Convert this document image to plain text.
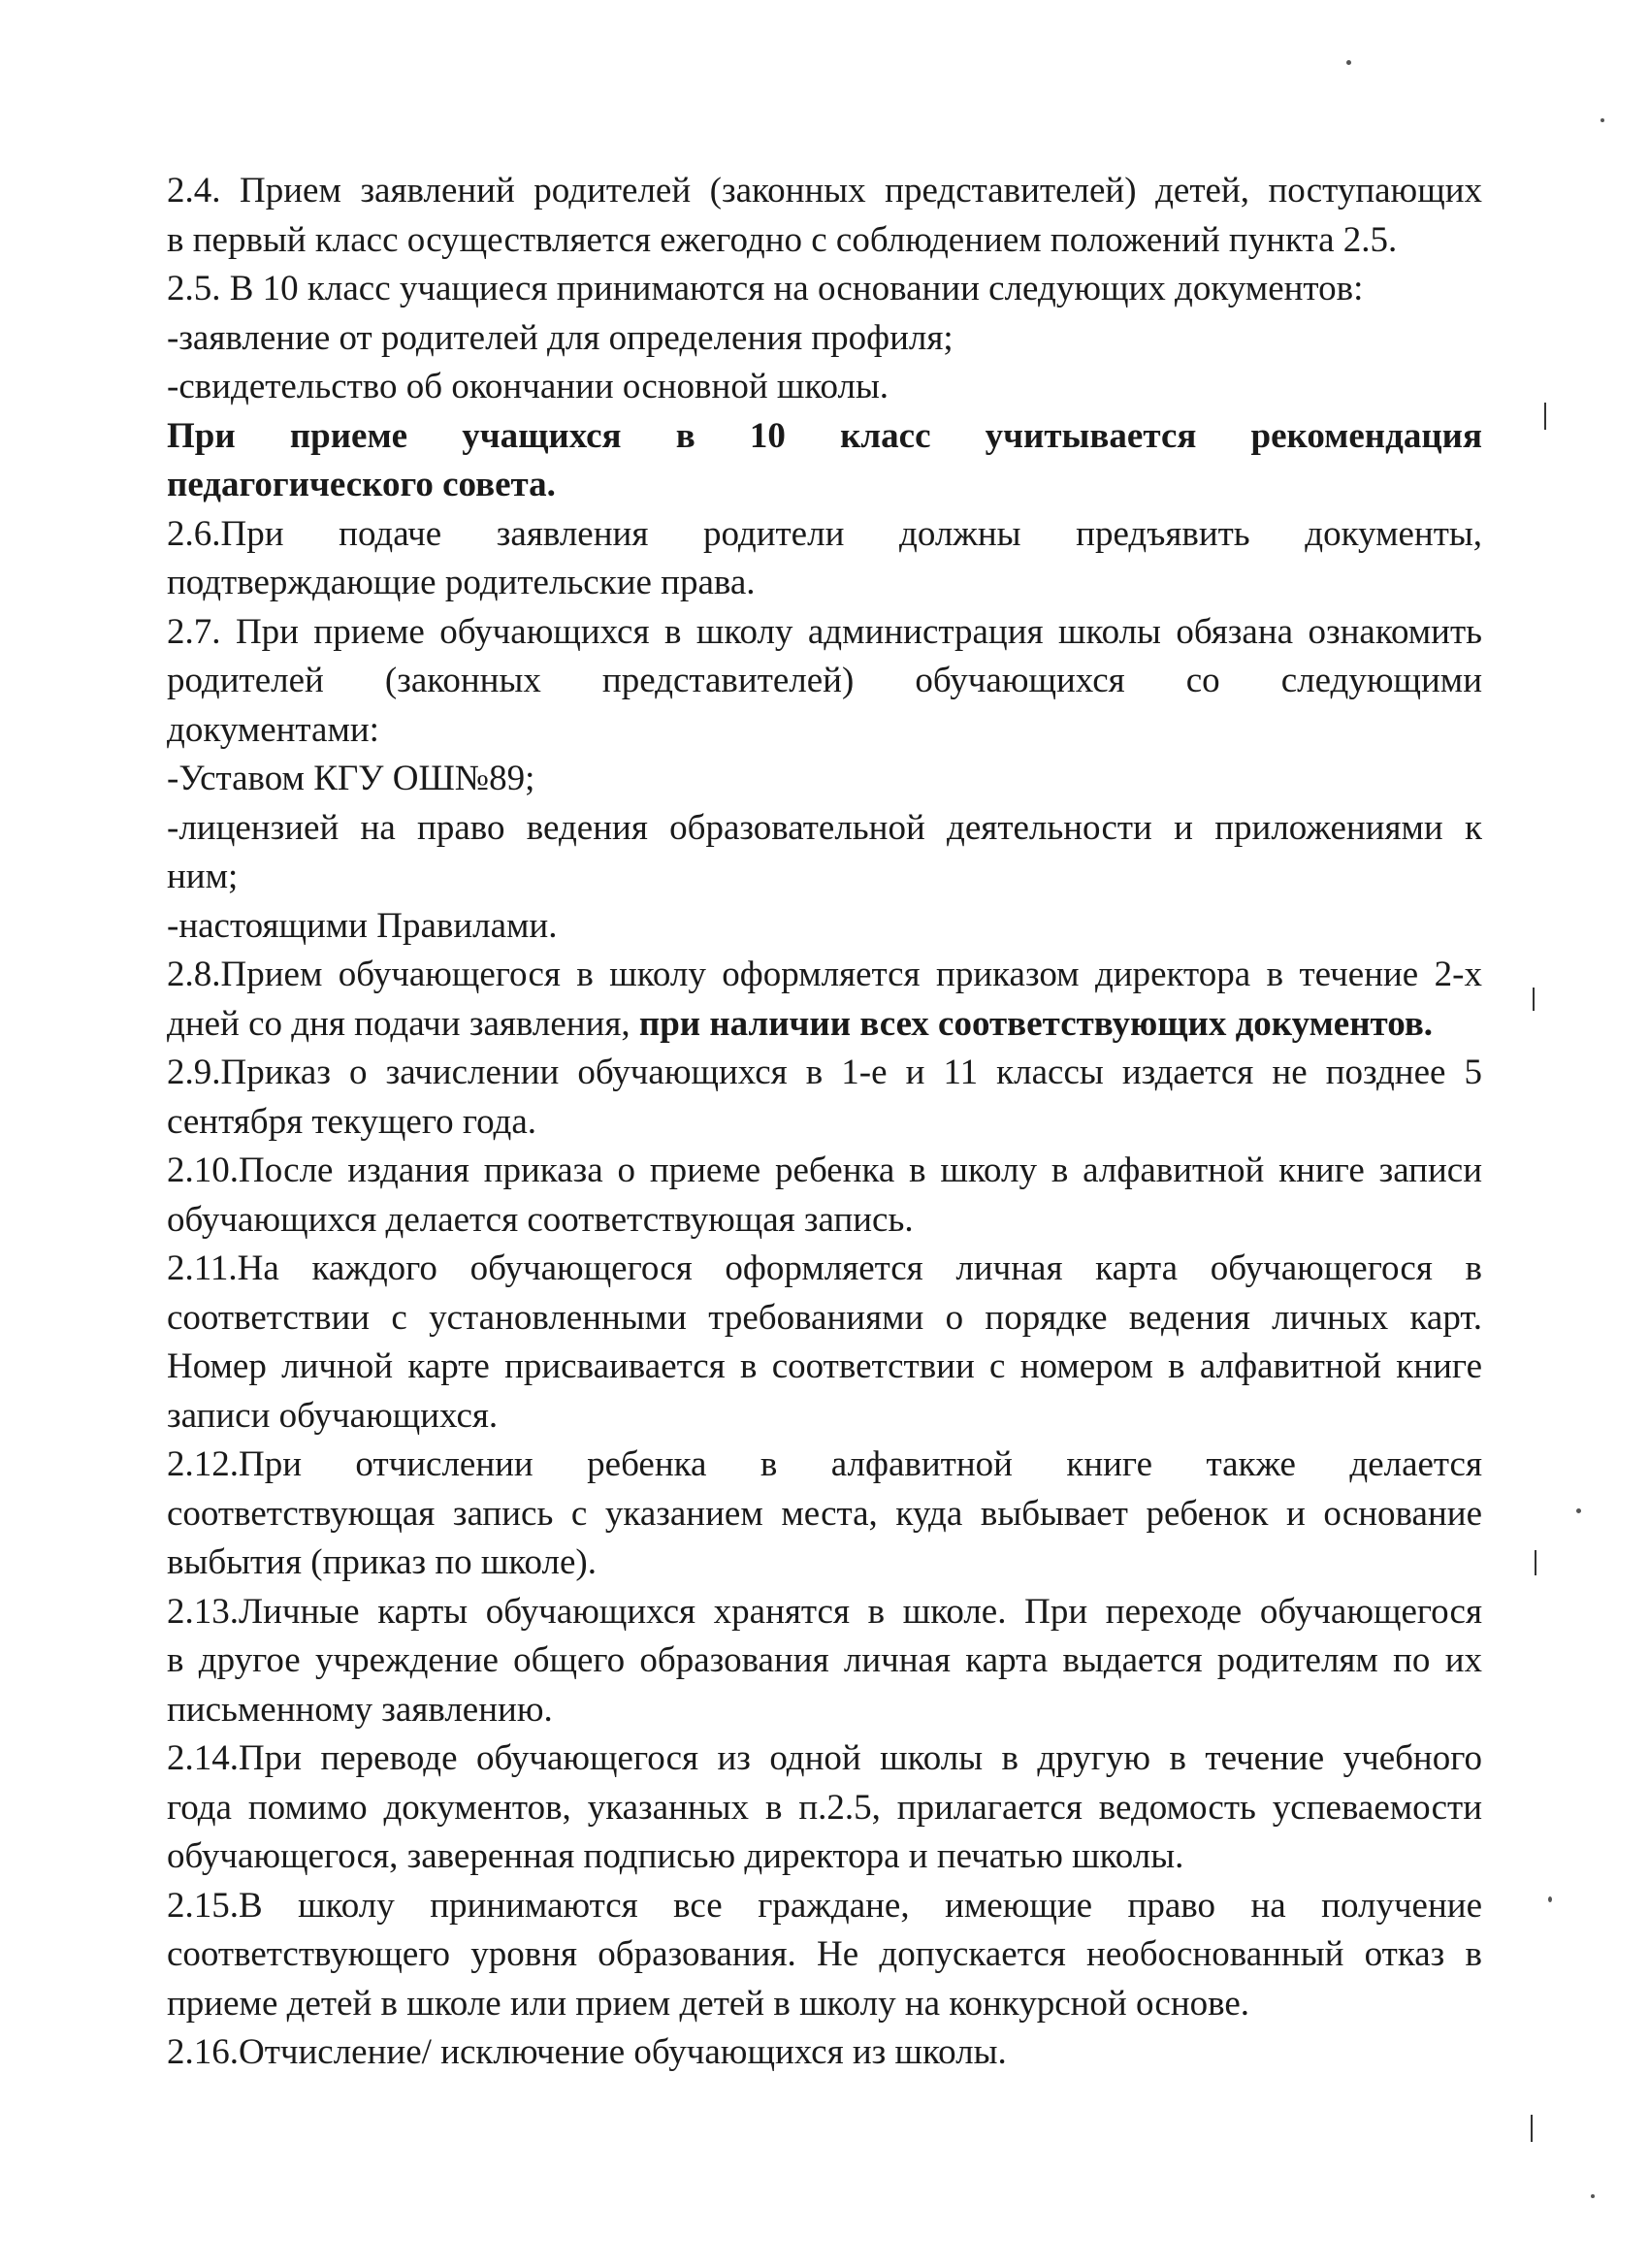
2.4. Прием заявлений родителей (законных представителей) детей, поступающих
в первый класс осуществляется ежегодно с соблюдением положений пункта 2.5.

2.5. В 10 класс учащиеся принимаются на основании следующих документов:

-заявление от родителей для определения профиля;

-свидетельство об окончании основной школы.

При приеме учащихся в 10 класс учитывается рекомендация
педагогического совета.

2.6.При подаче заявления родители должны предъявить документы,
подтверждающие родительские права.

2.7. При приеме обучающихся в школу администрация школы обязана ознакомить
родителей (законных представителей) обучающихся со следующими
документами:

-Уставом КГУ ОШ№89;

-лицензией на право ведения образовательной деятельности и приложениями к
ним;

-настоящими Правилами.

2.8.Прием обучающегося в школу оформляется приказом директора в течение 2-х
дней со дня подачи заявления, при наличии всех соответствующих документов.

2.9.Приказ о зачислении обучающихся в 1-е и 11 классы издается не позднее 5
сентября текущего года.

2.10.После издания приказа о приеме ребенка в школу в алфавитной книге записи
обучающихся делается соответствующая запись.

2.11.На каждого обучающегося оформляется личная карта обучающегося в
соответствии с установленными требованиями о порядке ведения личных карт.
Номер личной карте присваивается в соответствии с номером в алфавитной книге
записи обучающихся.

2.12.При отчислении ребенка в алфавитной книге также делается
соответствующая запись с указанием места, куда выбывает ребенок и основание
выбытия (приказ по школе).

2.13.Личные карты обучающихся хранятся в школе. При переходе обучающегося
в другое учреждение общего образования личная карта выдается родителям по их
письменному заявлению.

2.14.При переводе обучающегося из одной школы в другую в течение учебного
года помимо документов, указанных в п.2.5, прилагается ведомость успеваемости
обучающегося, заверенная подписью директора и печатью школы.

2.15.В школу принимаются все граждане, имеющие право на получение
соответствующего уровня образования. Не допускается необоснованный отказ в
приеме детей в школе или прием детей в школу на конкурсной основе.

2.16.Отчисление/ исключение обучающихся из школы.
